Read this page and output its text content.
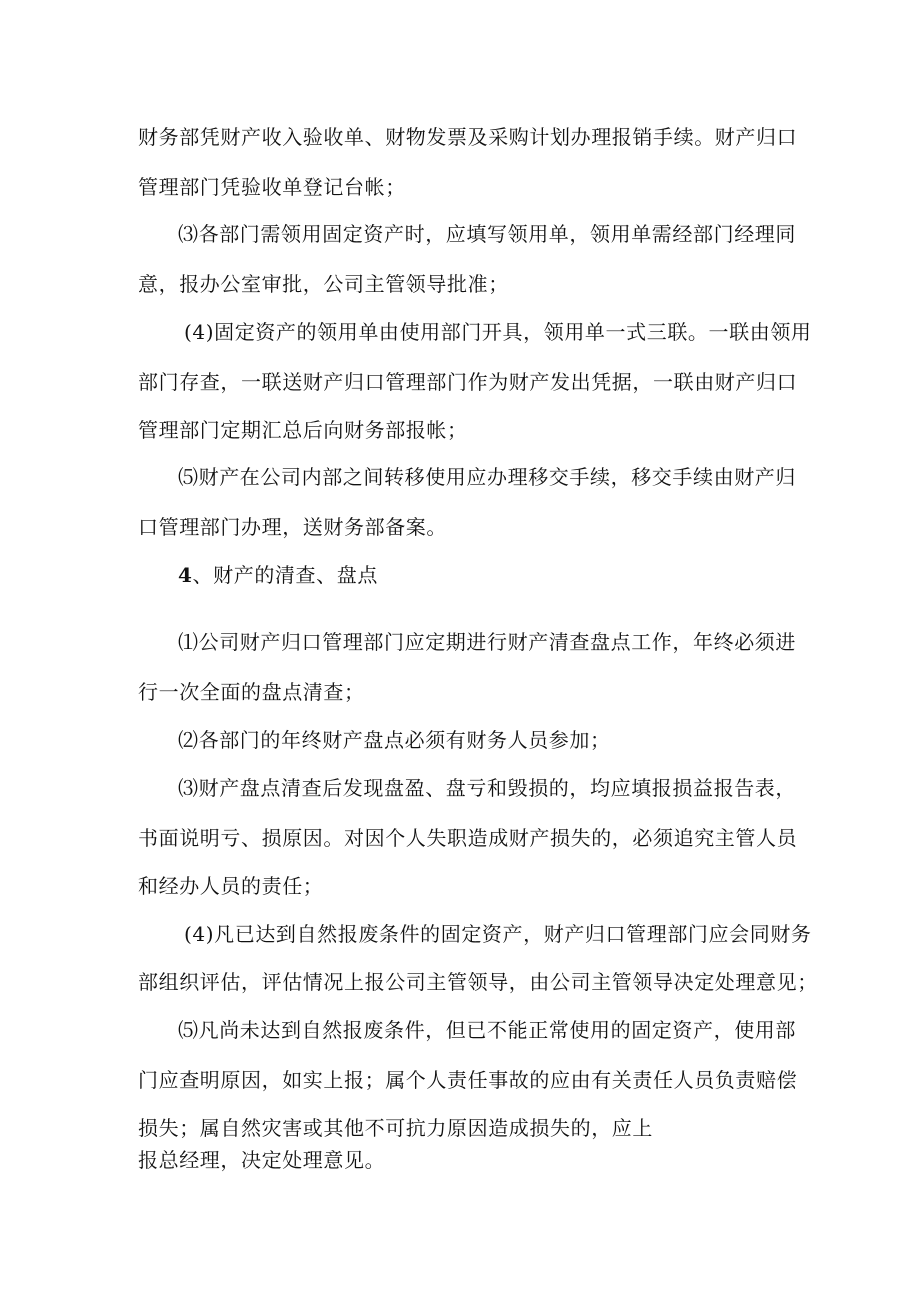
财务部凭财产收入验收单、财物发票及采购计划办理报销手续。财产归口
管理部门凭验收单登记台帐；
⑶各部门需领用固定资产时，应填写领用单，领用单需经部门经理同
意，报办公室审批，公司主管领导批准；
(4)固定资产的领用单由使用部门开具，领用单一式三联。一联由领用
部门存查，一联送财产归口管理部门作为财产发出凭据，一联由财产归口
管理部门定期汇总后向财务部报帐；
⑸财产在公司内部之间转移使用应办理移交手续，移交手续由财产归
口管理部门办理，送财务部备案。
4、财产的清查、盘点
⑴公司财产归口管理部门应定期进行财产清查盘点工作，年终必须进
行一次全面的盘点清查；
⑵各部门的年终财产盘点必须有财务人员参加；
⑶财产盘点清查后发现盘盈、盘亏和毁损的，均应填报损益报告表，
书面说明亏、损原因。对因个人失职造成财产损失的，必须追究主管人员
和经办人员的责任；
(4)凡已达到自然报废条件的固定资产，财产归口管理部门应会同财务
部组织评估，评估情况上报公司主管领导，由公司主管领导决定处理意见；
⑸凡尚未达到自然报废条件，但已不能正常使用的固定资产，使用部
门应查明原因，如实上报；属个人责任事故的应由有关责任人员负责赔偿
损失；属自然灾害或其他不可抗力原因造成损失的，应上
报总经理，决定处理意见。
